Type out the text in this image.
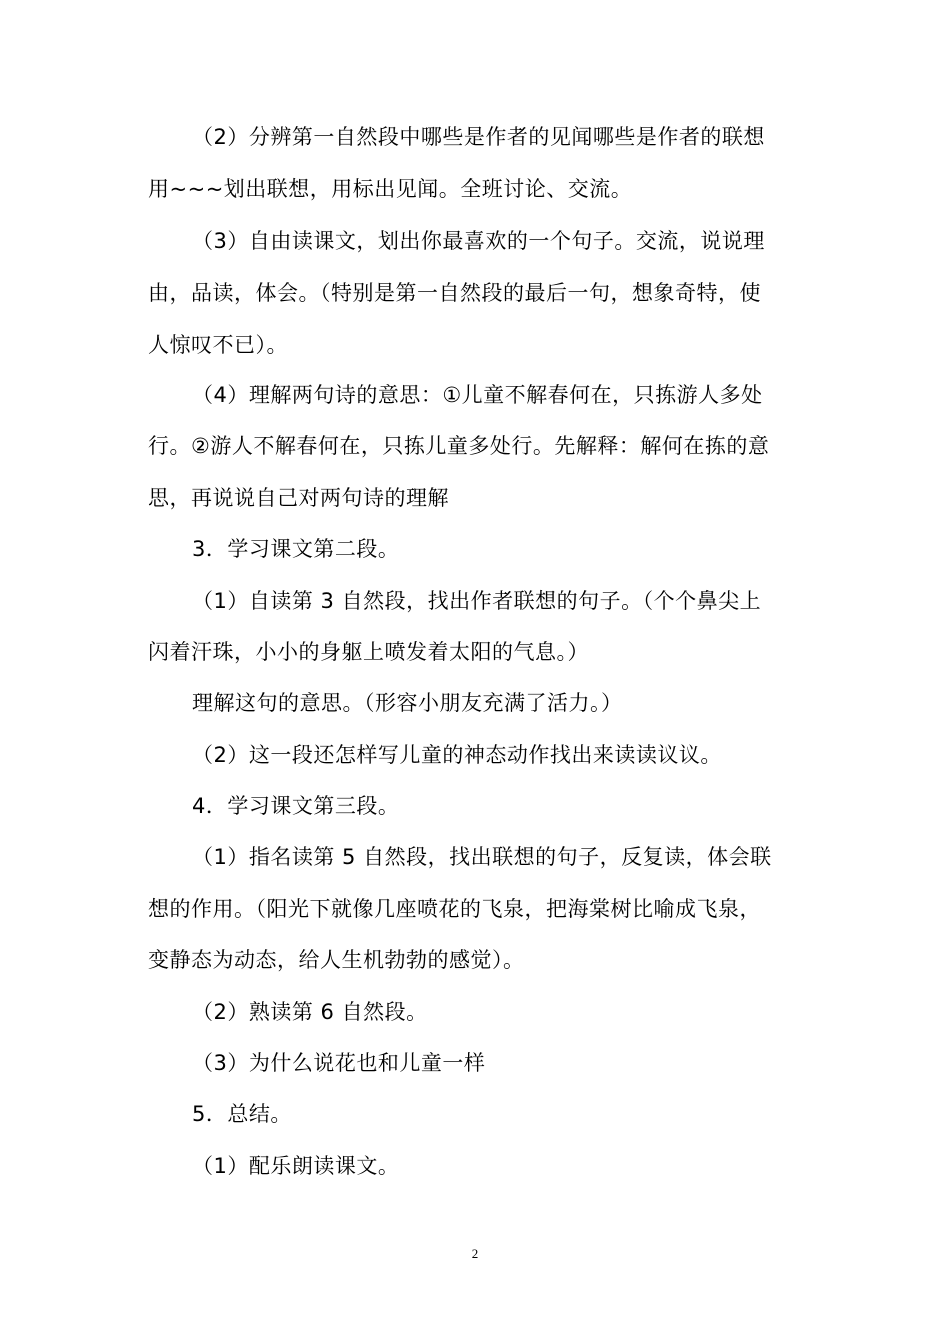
（2）分辨第一自然段中哪些是作者的见闻哪些是作者的联想
用~~~划出联想，用标出见闻。全班讨论、交流。
（3）自由读课文，划出你最喜欢的一个句子。交流，说说理
由，品读，体会。（特别是第一自然段的最后一句，想象奇特，使
人惊叹不已）。
（4）理解两句诗的意思：①儿童不解春何在，只拣游人多处
行。②游人不解春何在，只拣儿童多处行。先解释：解何在拣的意
思，再说说自己对两句诗的理解
3．学习课文第二段。
（1）自读第 3 自然段，找出作者联想的句子。（个个鼻尖上
闪着汗珠，小小的身躯上喷发着太阳的气息。）
理解这句的意思。（形容小朋友充满了活力。）
（2）这一段还怎样写儿童的神态动作找出来读读议议。
4．学习课文第三段。
（1）指名读第 5 自然段，找出联想的句子，反复读，体会联
想的作用。（阳光下就像几座喷花的飞泉，把海棠树比喻成飞泉，
变静态为动态，给人生机勃勃的感觉）。
（2）熟读第 6 自然段。
（3）为什么说花也和儿童一样
5．总结。
（1）配乐朗读课文。
2
